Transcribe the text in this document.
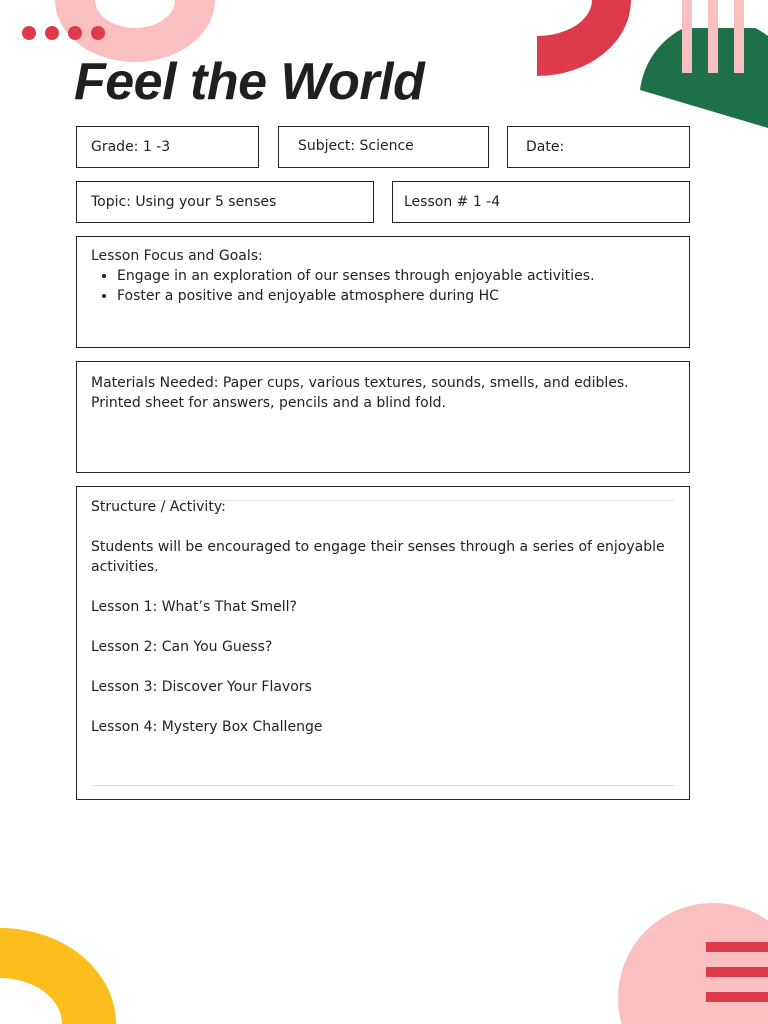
Feel the World
Grade: 1 -3	Subject: Science	Date:
Topic: Using your 5 senses	Lesson # 1 -4

Lesson Focus and Goals:

• Engage in an exploration of our senses through enjoyable activities.
• Foster a positive and enjoyable atmosphere during HC

Materials Needed: Paper cups, various textures, sounds, smells, and edibles.

Printed sheet for answers, pencils and a blind fold.

Structure / Activity:

Students will be encouraged to engage their senses through a series of enjoyable activities.

Lesson 1: What’s That Smell?

Lesson 2: Can You Guess?

Lesson 3: Discover Your Flavors

Lesson 4: Mystery Box Challenge
